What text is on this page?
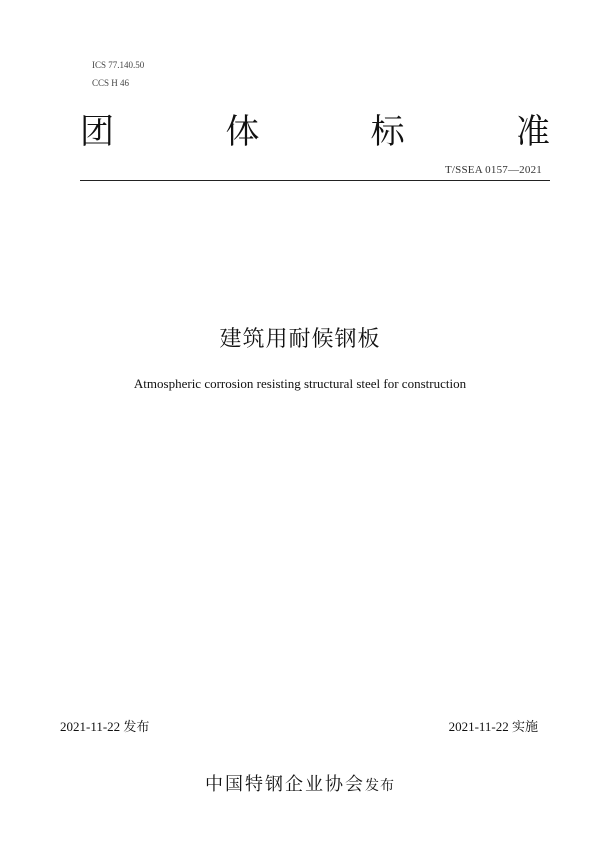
ICS 77.140.50
CCS H 46
团	体	标	准
T/SSEA 0157—2021
建筑用耐候钢板
Atmospheric corrosion resisting structural steel for construction
2021-11-22 发布	2021-11-22 实施
中国特钢企业协会发布
